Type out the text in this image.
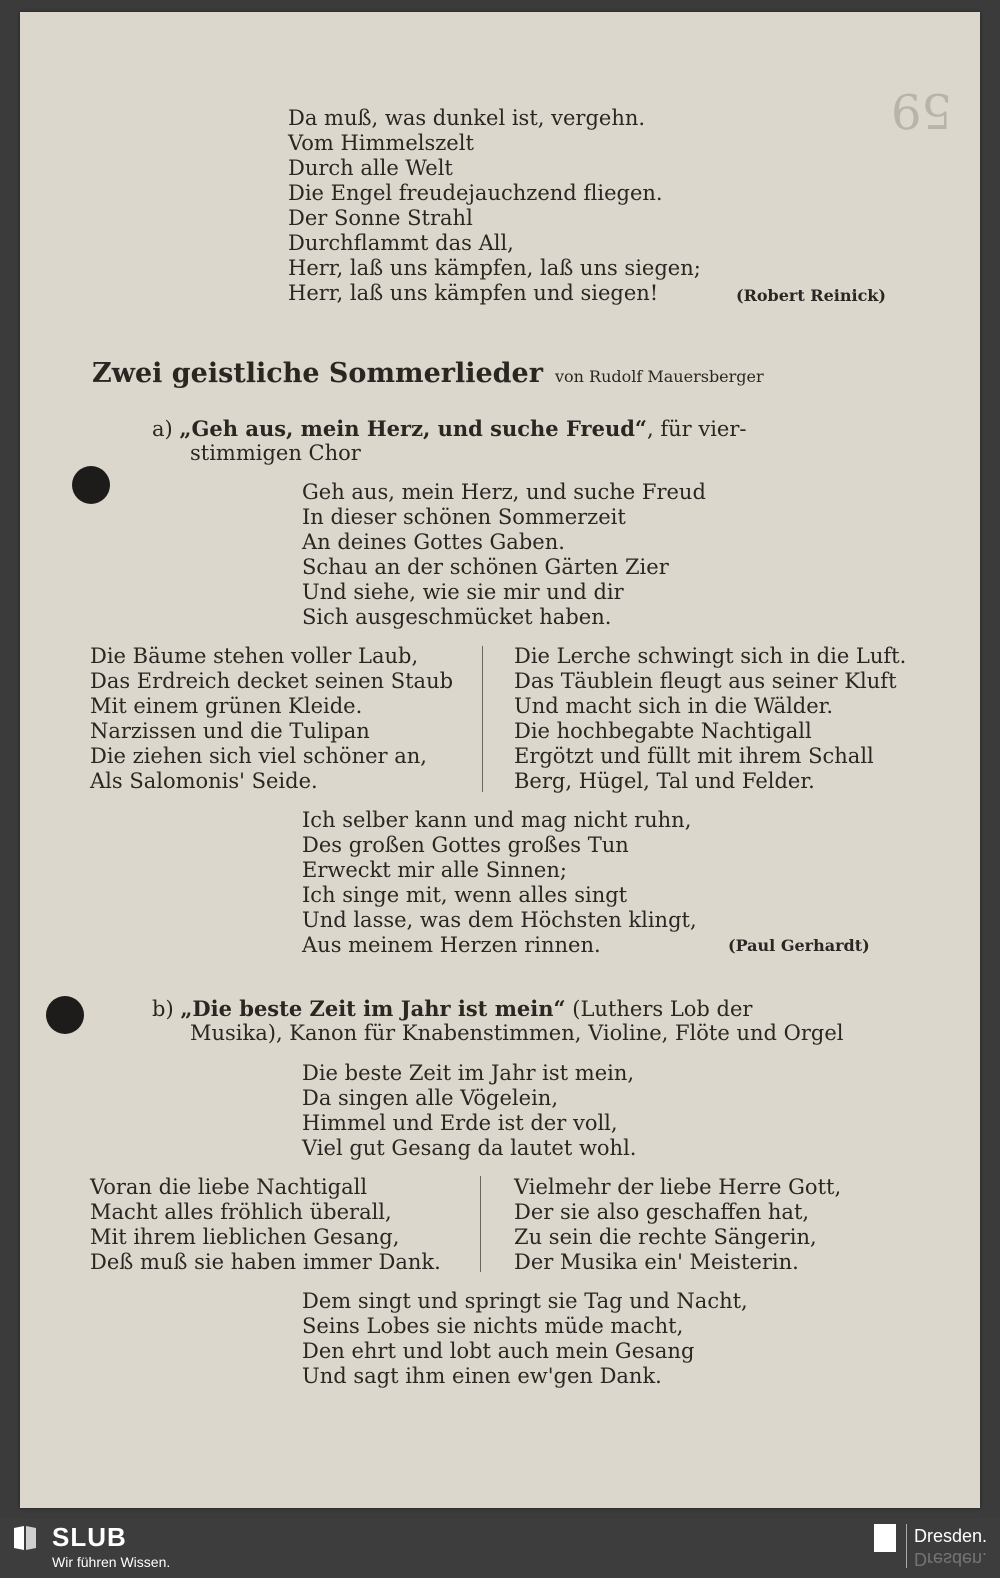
59
Da muß, was dunkel ist, vergehn.
Vom Himmelszelt
Durch alle Welt
Die Engel freudejauchzend fliegen.
Der Sonne Strahl
Durchflammt das All,
Herr, laß uns kämpfen, laß uns siegen;
Herr, laß uns kämpfen und siegen!	(Robert Reinick)
Zwei geistliche Sommerlieder von Rudolf Mauersberger
a) „Geh aus, mein Herz, und suche Freud“, für vier-
stimmigen Chor
Geh aus, mein Herz, und suche Freud
In dieser schönen Sommerzeit
An deines Gottes Gaben.
Schau an der schönen Gärten Zier
Und siehe, wie sie mir und dir
Sich ausgeschmücket haben.
Die Bäume stehen voller Laub,
Das Erdreich decket seinen Staub
Mit einem grünen Kleide.
Narzissen und die Tulipan
Die ziehen sich viel schöner an,
Als Salomonis' Seide.
Die Lerche schwingt sich in die Luft.
Das Täublein fleugt aus seiner Kluft
Und macht sich in die Wälder.
Die hochbegabte Nachtigall
Ergötzt und füllt mit ihrem Schall
Berg, Hügel, Tal und Felder.
Ich selber kann und mag nicht ruhn,
Des großen Gottes großes Tun
Erweckt mir alle Sinnen;
Ich singe mit, wenn alles singt
Und lasse, was dem Höchsten klingt,
Aus meinem Herzen rinnen.	(Paul Gerhardt)
b) „Die beste Zeit im Jahr ist mein“ (Luthers Lob der
Musika), Kanon für Knabenstimmen, Violine, Flöte und Orgel
Die beste Zeit im Jahr ist mein,
Da singen alle Vögelein,
Himmel und Erde ist der voll,
Viel gut Gesang da lautet wohl.
Voran die liebe Nachtigall
Macht alles fröhlich überall,
Mit ihrem lieblichen Gesang,
Deß muß sie haben immer Dank.
Vielmehr der liebe Herre Gott,
Der sie also geschaffen hat,
Zu sein die rechte Sängerin,
Der Musika ein' Meisterin.
Dem singt und springt sie Tag und Nacht,
Seins Lobes sie nichts müde macht,
Den ehrt und lobt auch mein Gesang
Und sagt ihm einen ew'gen Dank.
SLUB
Wir führen Wissen.
Dresden.
Dresden.
